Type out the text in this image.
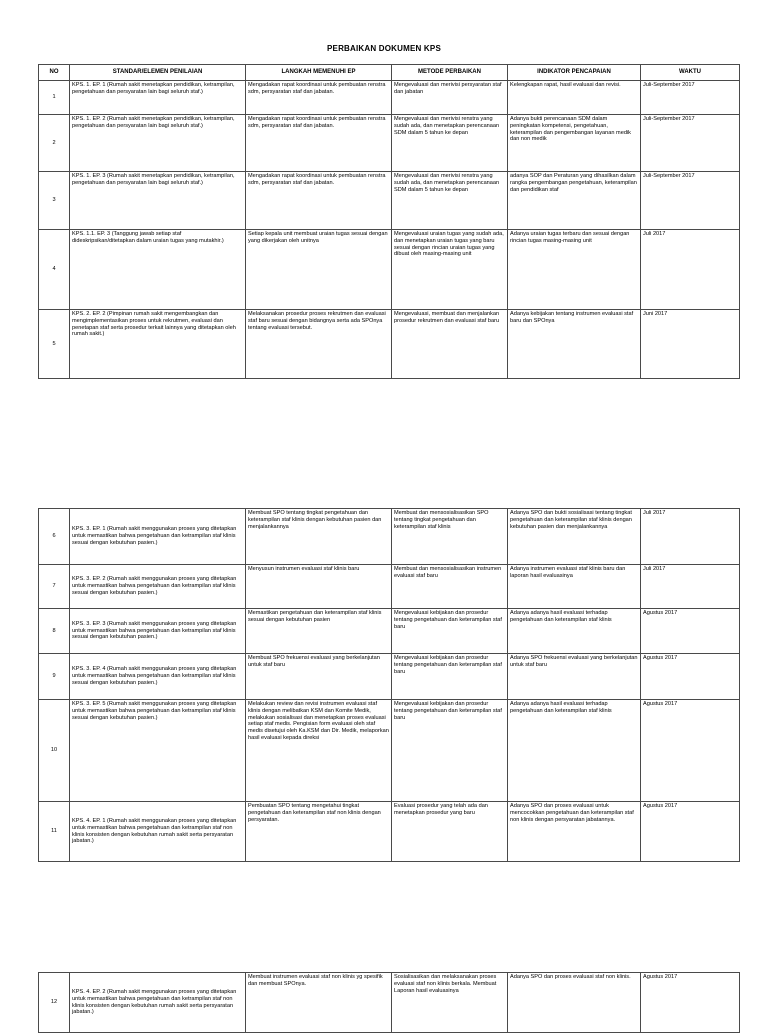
PERBAIKAN DOKUMEN KPS
NO	STANDAR/ELEMEN PENILAIAN	LANGKAH MEMENUHI EP	METODE PERBAIKAN	INDIKATOR PENCAPAIAN	WAKTU
1	KPS. 1. EP. 1 (Rumah sakit menetapkan pendidikan, ketrampilan, pengetahuan dan persyaratan lain bagi seluruh staf.)	Mengadakan rapat koordinasi untuk pembuatan renstra sdm, persyaratan staf dan jabatan.	Mengevaluasi dan merivisi persyaratan staf dan jabatan	Kelengkapan rapat, hasil evaluasi dan revisi.	Juli-September 2017
2	KPS. 1. EP. 2 (Rumah sakit menetapkan pendidikan, ketrampilan, pengetahuan dan persyaratan lain bagi seluruh staf.)	Mengadakan rapat koordinasi untuk pembuatan renstra sdm, persyaratan staf dan jabatan.	Mengevaluasi dan merivisi renstra yang sudah ada, dan menetapkan perencanaan SDM dalam 5 tahun ke depan	Adanya bukti perencanaan SDM dalam peningkatan kompetensi, pengetahuan, keterampilan dan pengembangan layanan medik dan non medik	Juli-September 2017
3	KPS. 1. EP. 3 (Rumah sakit menetapkan pendidikan, ketrampilan, pengetahuan dan persyaratan lain bagi seluruh staf.)	Mengadakan rapat koordinasi untuk pembuatan renstra sdm, persyaratan staf dan jabatan.	Mengevaluasi dan merivisi renstra yang sudah ada, dan menetapkan perencanaan SDM dalam 5 tahun ke depan	adanya SOP dan Peraturan yang dihasilkan dalam rangka pengembangan pengetahuan, keterampilan dan pendidikan staf	Juli-September 2017
4	KPS. 1.1. EP. 3 (Tanggung jawab setiap staf dideskripsikan/ditetapkan dalam uraian tugas yang mutakhir.)	Setiap kepala unit membuat uraian tugas sesuai dengan yang dikerjakan oleh unitnya	Mengevaluasi uraian tugas yang sudah ada, dan menetapkan uraian tugas yang baru sesuai dengan rincian uraian tugas yang dibuat oleh masing-masing unit	Adanya uraian tugas terbaru dan sesuai dengan rincian tugas masing-masing unit	Juli 2017
5	KPS. 2. EP. 2 (Pimpinan rumah sakit mengembangkan dan mengimplementasikan proses untuk rekrutmen, evaluasi dan penetapan staf serta prosedur terkait lainnya yang ditetapkan oleh rumah sakit.)	Melaksanakan prosedur proses rekrutmen dan evaluasi staf baru sesuai dengan bidangnya serta ada SPOnya tentang evaluasi tersebut.	Mengevaluasi, membuat dan menjalankan prosedur rekrutmen dan evaluasi staf baru	Adanya kebijakan tentang instrumen evaluasi staf baru dan SPOnya	Juni 2017
6	KPS. 3. EP. 1 (Rumah sakit menggunakan proses yang ditetapkan untuk memastikan bahwa pengetahuan dan ketrampilan staf klinis sesuai dengan kebutuhan pasien.)	Membuat SPO tentang tingkat pengetahuan dan keterampilan staf klinis dengan kebutuhan pasien dan menjalankannya	Membuat dan mensosialisasikan SPO tentang tingkat pengetahuan dan keterampilan staf klinis	Adanya SPO dan bukti sosialisasi tentang tingkat pengetahuan dan keterampilan staf klinis dengan kebutuhan pasien dan menjalankannya	Juli 2017
7	KPS. 3. EP. 2 (Rumah sakit menggunakan proses yang ditetapkan untuk memastikan bahwa pengetahuan dan ketrampilan staf klinis sesuai dengan kebutuhan pasien.)	Menyusun instrumen evaluasi staf klinis baru	Membuat dan mensosialisasikan instrumen evaluasi staf baru	Adanya instrumen evaluasi staf klinis baru dan laporan hasil evaluasinya	Juli 2017
8	KPS. 3. EP. 3 (Rumah sakit menggunakan proses yang ditetapkan untuk memastikan bahwa pengetahuan dan ketrampilan staf klinis sesuai dengan kebutuhan pasien.)	Memastikan pengetahuan dan keterampilan staf klinis sesuai dengan kebutuhan pasien	Mengevaluasi kebijakan dan prosedur tentang pengetahuan dan keterampilan staf baru	Adanya adanya hasil evaluasi terhadap pengetahuan dan keterampilan staf klinis	Agustus 2017
9	KPS. 3. EP. 4 (Rumah sakit menggunakan proses yang ditetapkan untuk memastikan bahwa pengetahuan dan ketrampilan staf klinis sesuai dengan kebutuhan pasien.)	Membuat SPO frekuensi evaluasi yang berkelanjutan untuk staf baru	Mengevaluasi kebijakan dan prosedur tentang pengetahuan dan keterampilan staf baru	Adanya SPO frekuensi evaluasi yang berkelanjutan untuk staf baru	Agustus 2017
10	KPS. 3. EP. 5 (Rumah sakit menggunakan proses yang ditetapkan untuk memastikan bahwa pengetahuan dan ketrampilan staf klinis sesuai dengan kebutuhan pasien.)	Melakukan review dan revisi instrumen evaluasi staf klinis dengan melibatkan KSM dan Komite Medik, melakukan sosialisasi dan menetapkan proses evaluasi setiap staf medis. Pengisian form evaluasi oleh staf medis disetujui oleh Ka.KSM dan Dir. Medik, melaporkan hasil evaluasi kepada direksi	Mengevaluasi kebijakan dan prosedur tentang pengetahuan dan keterampilan staf baru	Adanya adanya hasil evaluasi terhadap pengetahuan dan keterampilan staf klinis	Agustus 2017
11	KPS. 4. EP. 1 (Rumah sakit menggunakan proses yang ditetapkan untuk memastikan bahwa pengetahuan dan ketrampilan staf non klinis konsisten dengan kebutuhan rumah sakit serta persyaratan jabatan.)	Pembuatan SPO tentang mengetahui tingkat pengetahuan dan keterampilan staf non klinis dengan persyaratan.	Evaluasi prosedur yang telah ada dan menetapkan prosedur yang baru	Adanya SPO dan proses evaluasi untuk mencocokkan pengetahuan dan keterampilan staf non klinis dengan persyaratan jabatannya.	Agustus 2017
12	KPS. 4. EP. 2 (Rumah sakit menggunakan proses yang ditetapkan untuk memastikan bahwa pengetahuan dan ketrampilan staf non klinis konsisten dengan kebutuhan rumah sakit serta persyaratan jabatan.)	Membuat instrumen evaluasi staf non klinis yg spesifik dan membuat SPOnya.	Sosialisasikan dan melaksanakan proses evaluasi staf non klinis berkala. Membuat Laporan hasil evaluasinya	Adanya SPO dan proses evaluasi staf non klinis.	Agustus 2017
